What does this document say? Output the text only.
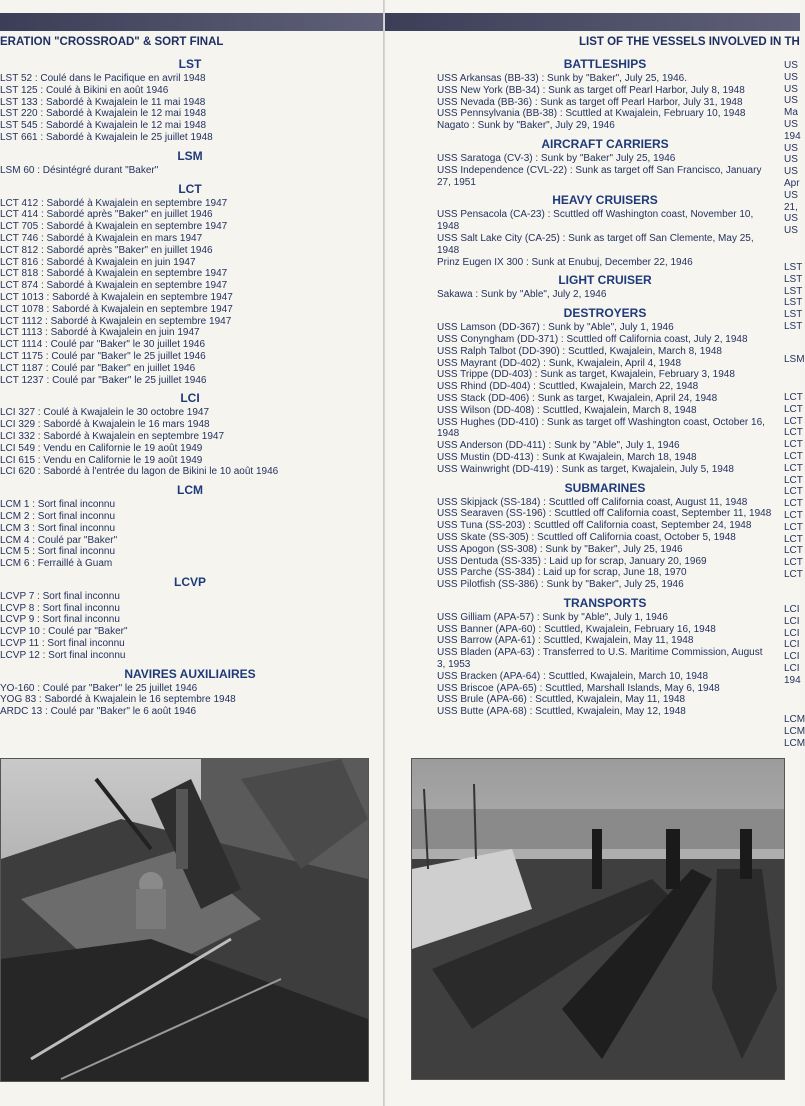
ERATION "CROSSROAD" & SORT FINAL
LST
LST 52 : Coulé dans le Pacifique en avril 1948
LST 125 : Coulé à Bikini en août 1946
LST 133 : Sabordé à Kwajalein le 11 mai 1948
LST 220 : Sabordé à Kwajalein le 12 mai 1948
LST 545 : Sabordé à Kwajalein le 12 mai 1948
LST 661 : Sabordé à Kwajalein le 25 juillet 1948
LSM
LSM 60 : Désintégré durant "Baker"
LCT
LCT 412 : Sabordé à Kwajalein en septembre 1947
LCT 414 : Sabordé après "Baker" en juillet 1946
LCT 705 : Sabordé à Kwajalein en septembre 1947
LCT 746 : Sabordé à Kwajalein en mars 1947
LCT 812 : Sabordé après "Baker" en juillet 1946
LCT 816 : Sabordé à Kwajalein en juin 1947
LCT 818 : Sabordé à Kwajalein en septembre 1947
LCT 874 : Sabordé à Kwajalein en septembre 1947
LCT 1013 : Sabordé à Kwajalein en septembre 1947
LCT 1078 : Sabordé à Kwajalein en septembre 1947
LCT 1112 : Sabordé à Kwajalein en septembre 1947
LCT 1113 : Sabordé à Kwajalein en juin 1947
LCT 1114 : Coulé par "Baker" le 30 juillet 1946
LCT 1175 : Coulé par "Baker" le 25 juillet 1946
LCT 1187 : Coulé par "Baker" en juillet 1946
LCT 1237 : Coulé par "Baker" le 25 juillet 1946
LCI
LCI 327 : Coulé à Kwajalein le 30 octobre 1947
LCI 329 : Sabordé à Kwajalein le 16 mars 1948
LCI 332 : Sabordé à Kwajalein en septembre 1947
LCI 549 : Vendu en Californie le 19 août 1949
LCI 615 : Vendu en Californie le 19 août 1949
LCI 620 : Sabordé à l'entrée du lagon de Bikini le 10 août 1946
LCM
LCM 1 : Sort final inconnu
LCM 2 : Sort final inconnu
LCM 3 : Sort final inconnu
LCM 4 : Coulé par "Baker"
LCM 5 : Sort final inconnu
LCM 6 : Ferraillé à Guam
LCVP
LCVP 7 : Sort final inconnu
LCVP 8 : Sort final inconnu
LCVP 9 : Sort final inconnu
LCVP 10 : Coulé par "Baker"
LCVP 11 : Sort final inconnu
LCVP 12 : Sort final inconnu
NAVIRES AUXILIAIRES
YO-160 : Coulé par "Baker" le 25 juillet 1946
YOG 83 : Sabordé à Kwajalein le 16 septembre 1948
ARDC 13 : Coulé par "Baker" le 6 août 1946
LIST OF THE VESSELS INVOLVED IN TH
BATTLESHIPS
USS Arkansas (BB-33) : Sunk by "Baker", July 25, 1946.
USS New York (BB-34) : Sunk as target off Pearl Harbor, July 8, 1948
USS Nevada (BB-36) : Sunk as target off Pearl Harbor, July 31, 1948
USS Pennsylvania (BB-38) : Scuttled at Kwajalein, February 10, 1948
Nagato : Sunk by "Baker", July 29, 1946
AIRCRAFT CARRIERS
USS Saratoga (CV-3) : Sunk by "Baker" July 25, 1946
USS Independence (CVL-22) : Sunk as target off San Francisco, January 27, 1951
HEAVY CRUISERS
USS Pensacola (CA-23) : Scuttled off Washington coast, November 10, 1948
USS Salt Lake City (CA-25) : Sunk as target off San Clemente, May 25, 1948
Prinz Eugen IX 300 : Sunk at Enubuj, December 22, 1946
LIGHT CRUISER
Sakawa : Sunk by "Able", July 2, 1946
DESTROYERS
USS Lamson (DD-367) : Sunk by "Able", July 1, 1946
USS Conyngham (DD-371) : Scuttled off California coast, July 2, 1948
USS Ralph Talbot (DD-390) : Scuttled, Kwajalein, March 8, 1948
USS Mayrant (DD-402) : Sunk, Kwajalein, April 4, 1948
USS Trippe (DD-403) : Sunk as target, Kwajalein, February 3, 1948
USS Rhind (DD-404) : Scuttled, Kwajalein, March 22, 1948
USS Stack (DD-406) : Sunk as target, Kwajalein, April 24, 1948
USS Wilson (DD-408) : Scuttled, Kwajalein, March 8, 1948
USS Hughes (DD-410) : Sunk as target off Washington coast, October 16, 1948
USS Anderson (DD-411) : Sunk by "Able", July 1, 1946
USS Mustin (DD-413) : Sunk at Kwajalein, March 18, 1948
USS Wainwright (DD-419) : Sunk as target, Kwajalein, July 5, 1948
SUBMARINES
USS Skipjack (SS-184) : Scuttled off California coast, August 11, 1948
USS Searaven (SS-196) : Scuttled off California coast, September 11, 1948
USS Tuna (SS-203) : Scuttled off California coast, September 24, 1948
USS Skate (SS-305) : Scuttled off California coast, October 5, 1948
USS Apogon (SS-308) : Sunk by "Baker", July 25, 1946
USS Dentuda (SS-335) : Laid up for scrap, January 20, 1969
USS Parche (SS-384) : Laid up for scrap, June 18, 1970
USS Pilotfish (SS-386) : Sunk by "Baker", July 25, 1946
TRANSPORTS
USS Gilliam (APA-57) : Sunk by "Able", July 1, 1946
USS Banner (APA-60) : Scuttled, Kwajalein, February 16, 1948
USS Barrow (APA-61) : Scuttled, Kwajalein, May 11, 1948
USS Bladen (APA-63) : Transferred to U.S. Maritime Commission, August 3, 1953
USS Bracken (APA-64) : Scuttled, Kwajalein, March 10, 1948
USS Briscoe (APA-65) : Scuttled, Marshall Islands, May 6, 1948
USS Brule (APA-66) : Scuttled, Kwajalein, May 11, 1948
USS Butte (APA-68) : Scuttled, Kwajalein, May 12, 1948
US
US
US
US
Ma
US
194
US
US
US
Apr
US
21,
US
US
LST
LST
LST
LST
LST
LST
LSM
LCT
LCT
LCT
LCT
LCT
LCT
LCT
LCT
LCT
LCT
LCT
LCT
LCT
LCT
LCT
LCT
LCI
LCI
LCI
LCI
LCI
LCI
194
LCM
LCM
LCM
